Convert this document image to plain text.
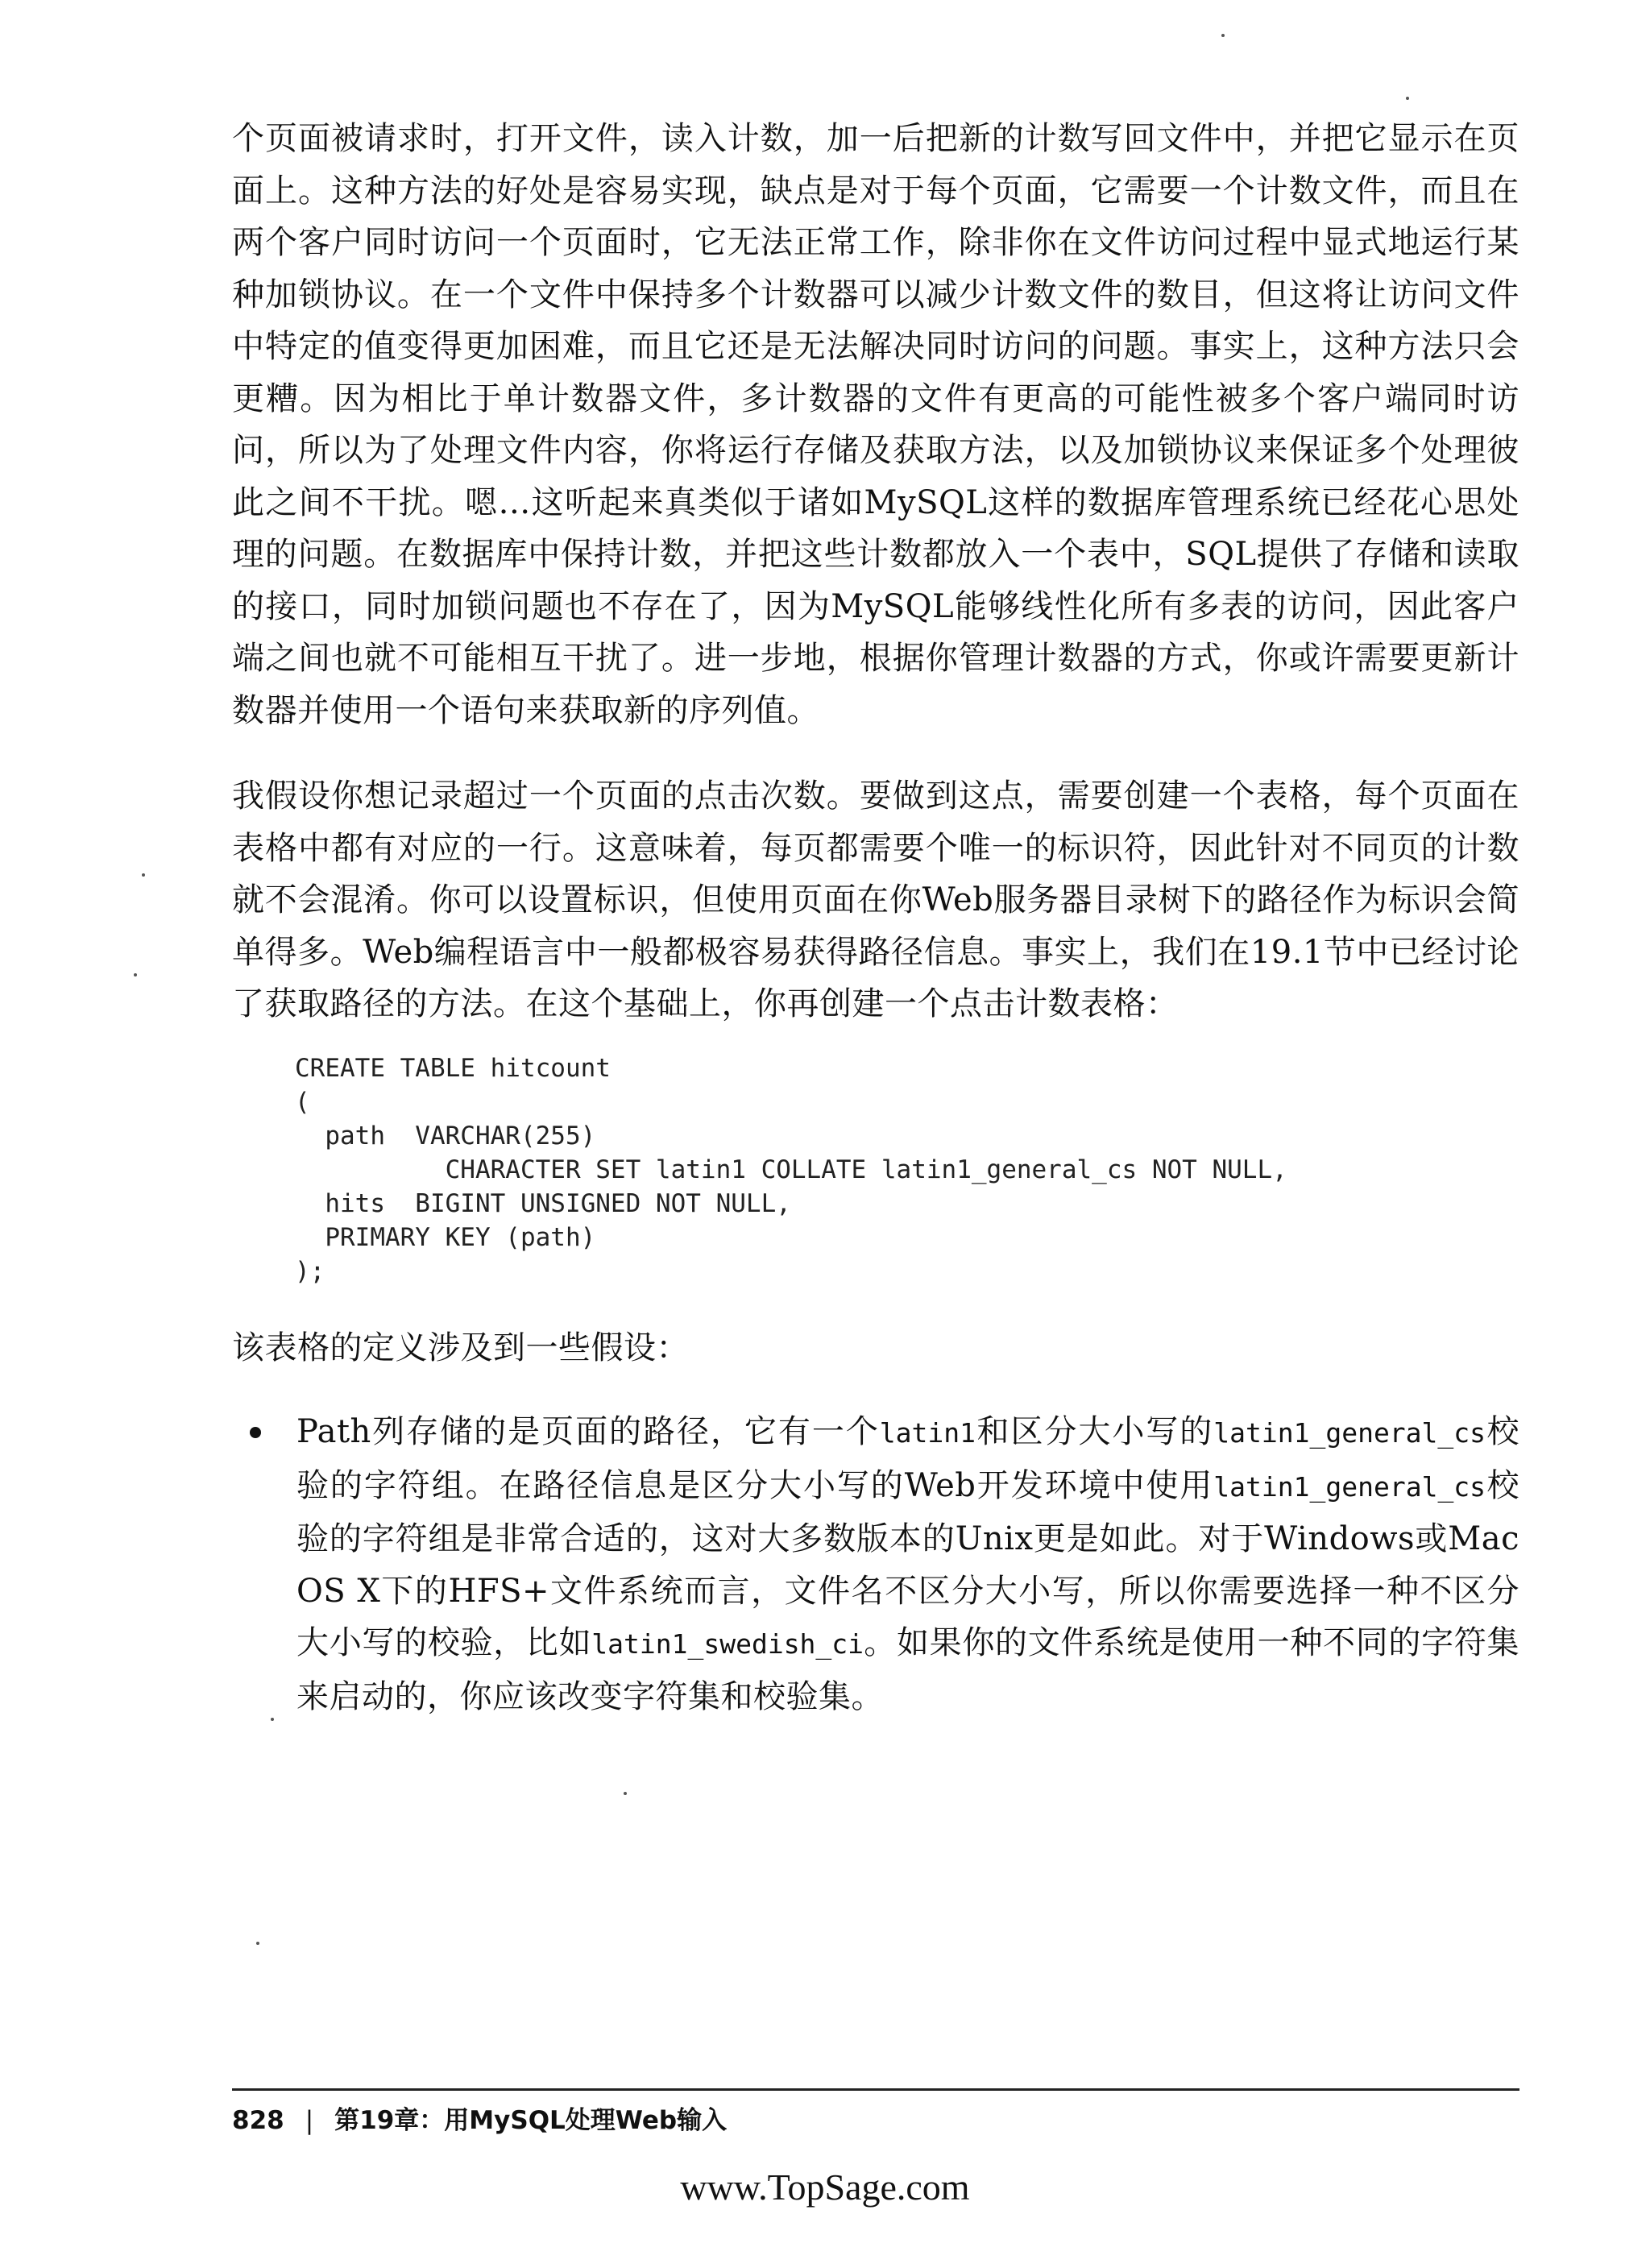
个页面被请求时，打开文件，读入计数，加一后把新的计数写回文件中，并把它显示在页面上。这种方法的好处是容易实现，缺点是对于每个页面，它需要一个计数文件，而且在两个客户同时访问一个页面时，它无法正常工作，除非你在文件访问过程中显式地运行某种加锁协议。在一个文件中保持多个计数器可以减少计数文件的数目，但这将让访问文件中特定的值变得更加困难，而且它还是无法解决同时访问的问题。事实上，这种方法只会更糟。因为相比于单计数器文件，多计数器的文件有更高的可能性被多个客户端同时访问，所以为了处理文件内容，你将运行存储及获取方法，以及加锁协议来保证多个处理彼此之间不干扰。嗯…这听起来真类似于诸如MySQL这样的数据库管理系统已经花心思处理的问题。在数据库中保持计数，并把这些计数都放入一个表中，SQL提供了存储和读取的接口，同时加锁问题也不存在了，因为MySQL能够线性化所有多表的访问，因此客户端之间也就不可能相互干扰了。进一步地，根据你管理计数器的方式，你或许需要更新计数器并使用一个语句来获取新的序列值。

我假设你想记录超过一个页面的点击次数。要做到这点，需要创建一个表格，每个页面在表格中都有对应的一行。这意味着，每页都需要个唯一的标识符，因此针对不同页的计数就不会混淆。你可以设置标识，但使用页面在你Web服务器目录树下的路径作为标识会简单得多。Web编程语言中一般都极容易获得路径信息。事实上，我们在19.1节中已经讨论了获取路径的方法。在这个基础上，你再创建一个点击计数表格：

CREATE TABLE hitcount
(
path  VARCHAR(255)
CHARACTER SET latin1 COLLATE latin1_general_cs NOT NULL,
hits  BIGINT UNSIGNED NOT NULL,
PRIMARY KEY (path)
);

该表格的定义涉及到一些假设：

Path列存储的是页面的路径，它有一个latin1和区分大小写的latin1_general_cs校验的字符组。在路径信息是区分大小写的Web开发环境中使用latin1_general_cs校验的字符组是非常合适的，这对大多数版本的Unix更是如此。对于Windows或Mac OS X下的HFS+文件系统而言，文件名不区分大小写，所以你需要选择一种不区分大小写的校验，比如latin1_swedish_ci。如果你的文件系统是使用一种不同的字符集来启动的，你应该改变字符集和校验集。
828 | 第19章：用MySQL处理Web输入
www.TopSage.com
